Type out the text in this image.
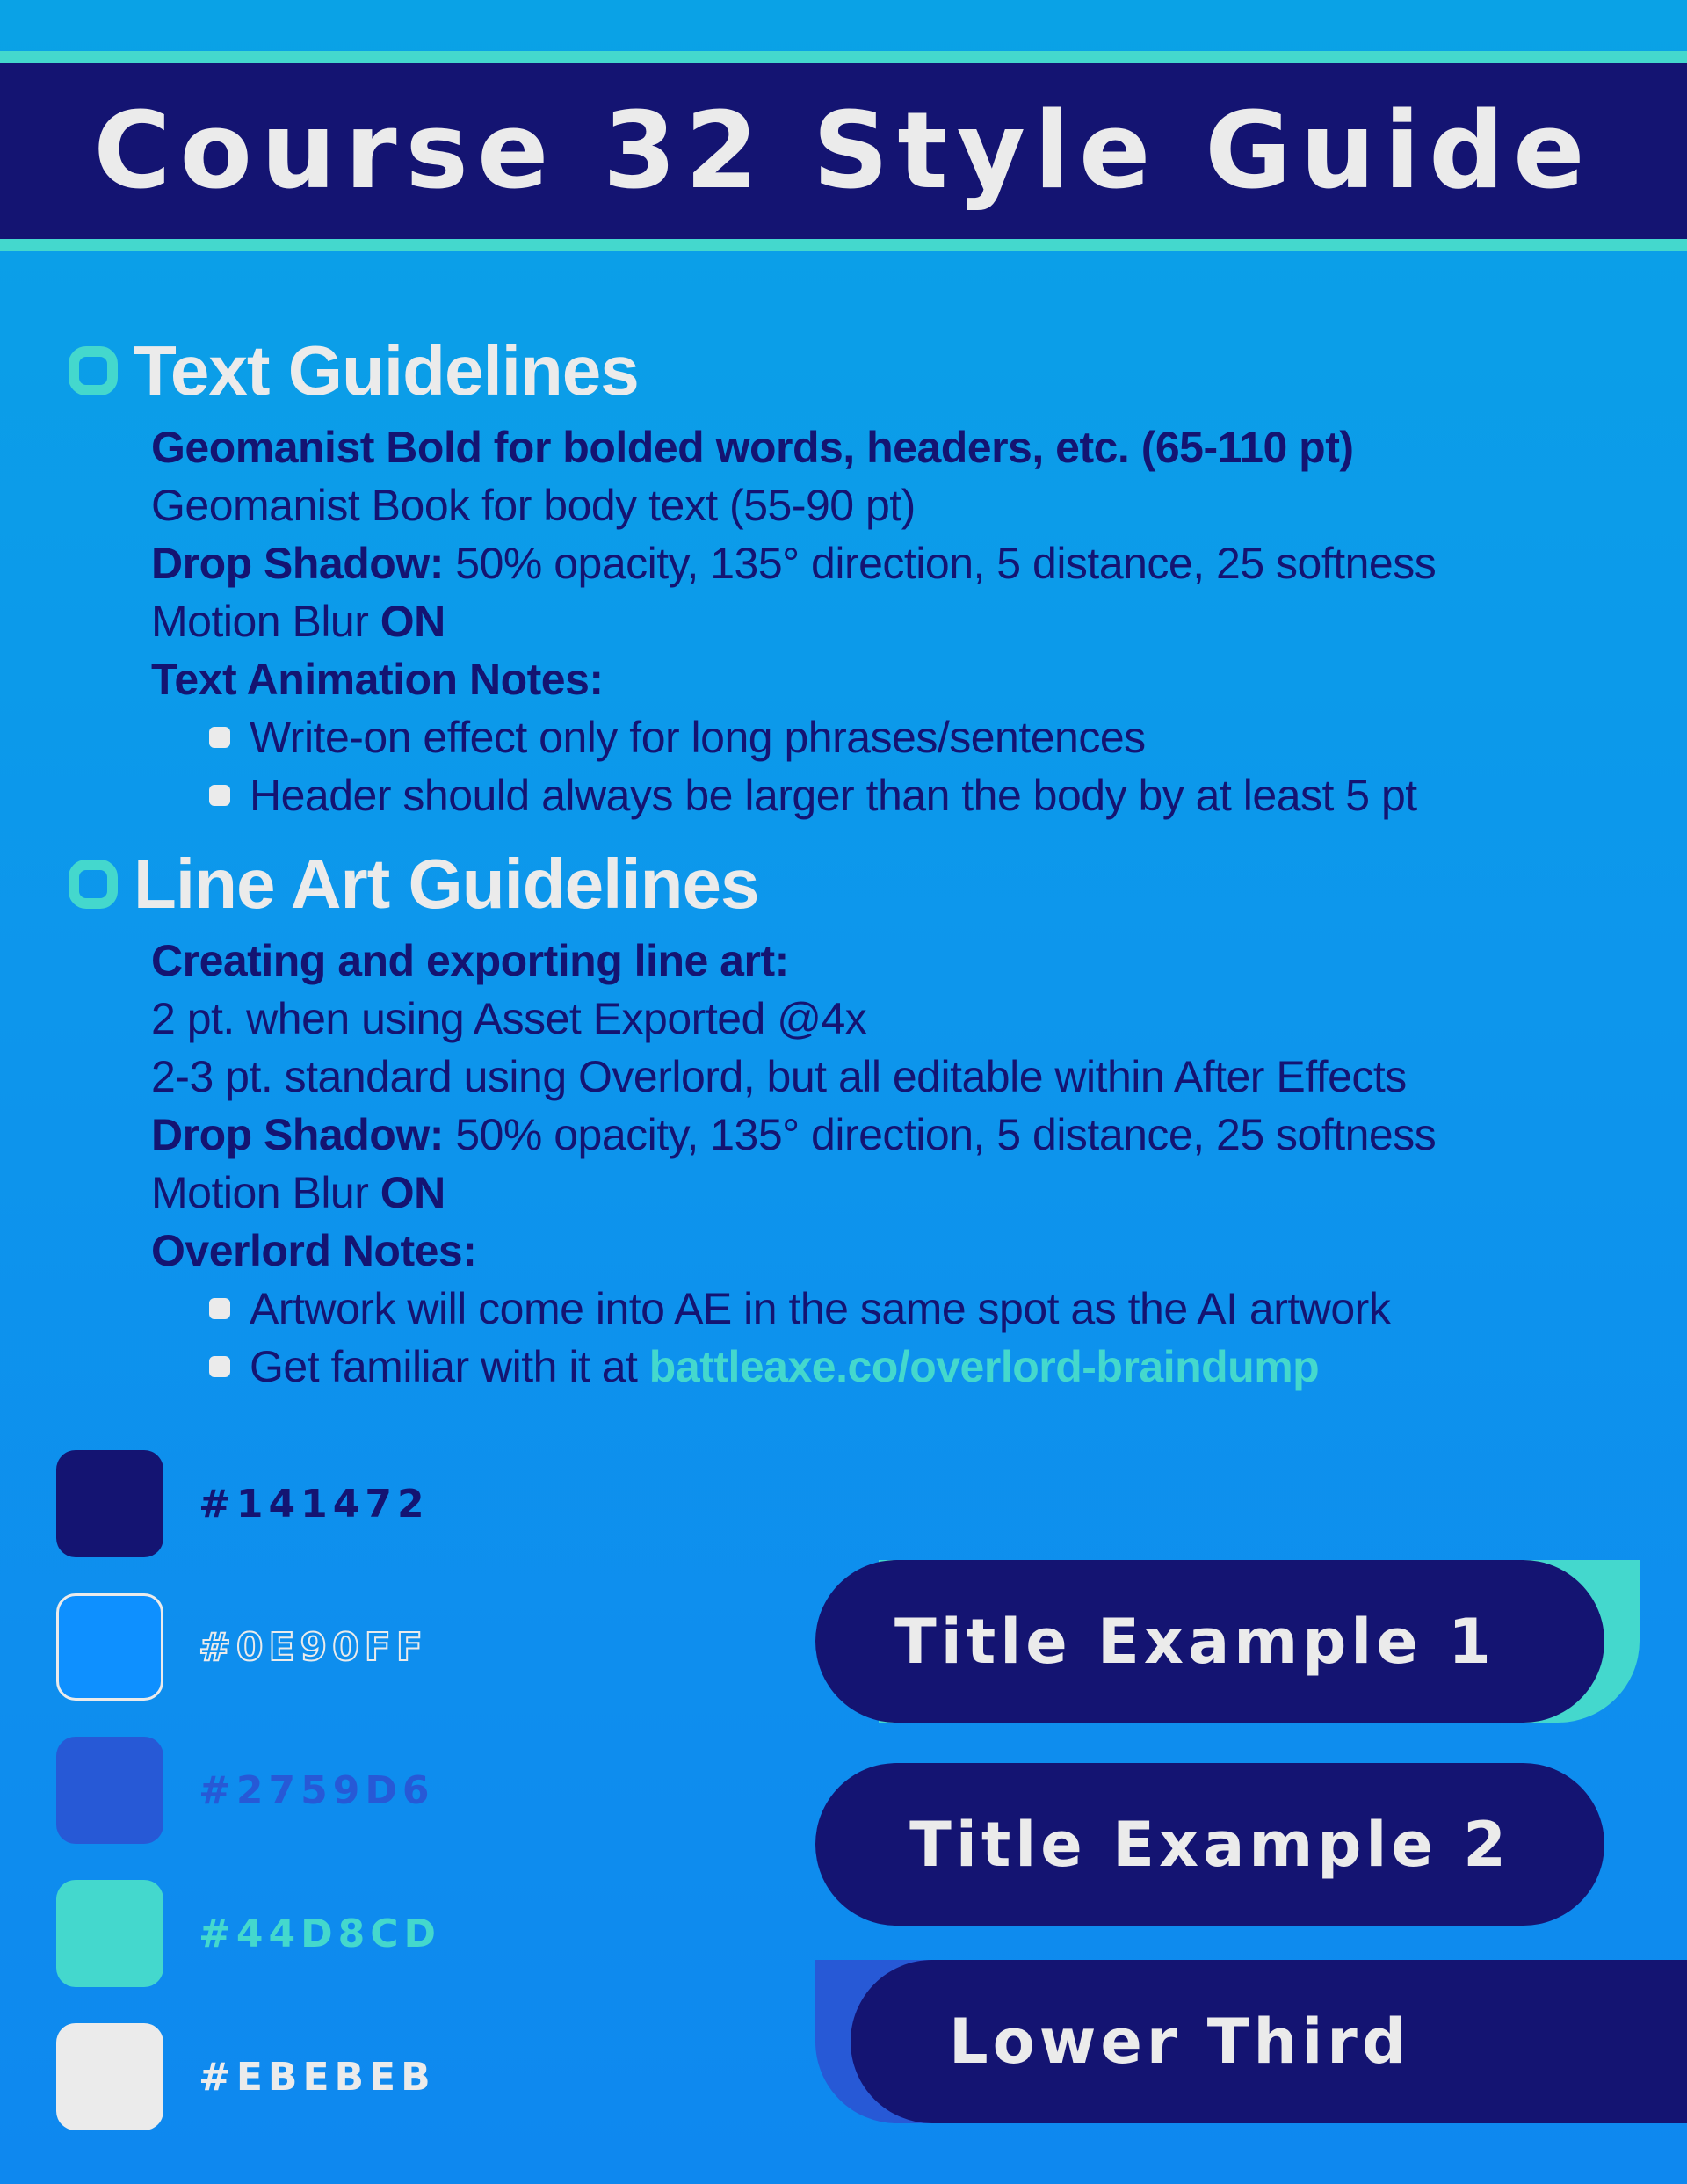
Course 32 Style Guide
Text Guidelines
Geomanist Bold for bolded words, headers, etc. (65-110 pt)
Geomanist Book for body text (55-90 pt)
Drop Shadow: 50% opacity, 135° direction, 5 distance, 25 softness
Motion Blur ON
Text Animation Notes:
Write-on effect only for long phrases/sentences
Header should always be larger than the body by at least 5 pt
Line Art Guidelines
Creating and exporting line art:
2 pt. when using Asset Exported @4x
2-3 pt. standard using Overlord, but all editable within After Effects
Drop Shadow: 50% opacity, 135° direction, 5 distance, 25 softness
Motion Blur ON
Overlord Notes:
Artwork will come into AE in the same spot as the AI artwork
Get familiar with it at battleaxe.co/overlord-braindump
#141472
#0E90FF
#2759D6
#44D8CD
#EBEBEB
Title Example 1
Title Example 2
Lower Third
